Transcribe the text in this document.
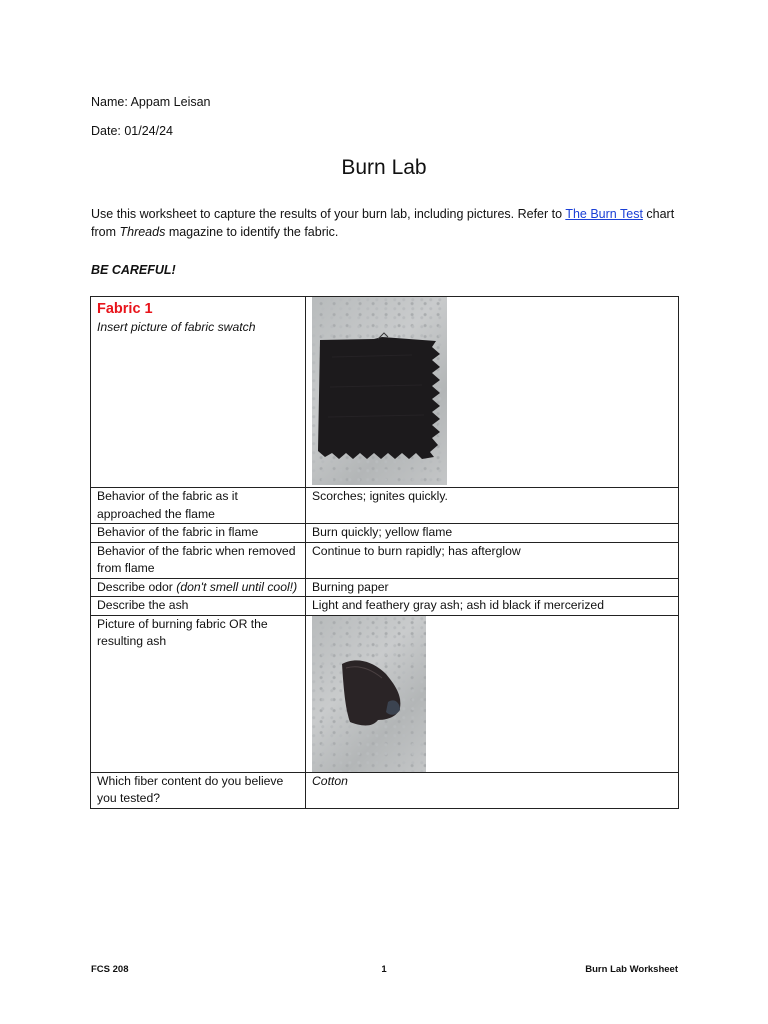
Name: Appam Leisan
Date: 01/24/24
Burn Lab
Use this worksheet to capture the results of your burn lab, including pictures. Refer to The Burn Test chart from Threads magazine to identify the fabric.
BE CAREFUL!
Fabric 1
Insert picture of fabric swatch

Behavior of the fabric as it approached the flame	Scorches; ignites quickly.
Behavior of the fabric in flame	Burn quickly; yellow flame
Behavior of the fabric when removed from flame	Continue to burn rapidly; has afterglow
Describe odor (don't smell until cool!)	Burning paper
Describe the ash	Light and feathery gray ash; ash id black if mercerized
Picture of burning fabric OR the resulting ash	

Which fiber content do you believe you tested?	Cotton
FCS 208	1	Burn Lab Worksheet
